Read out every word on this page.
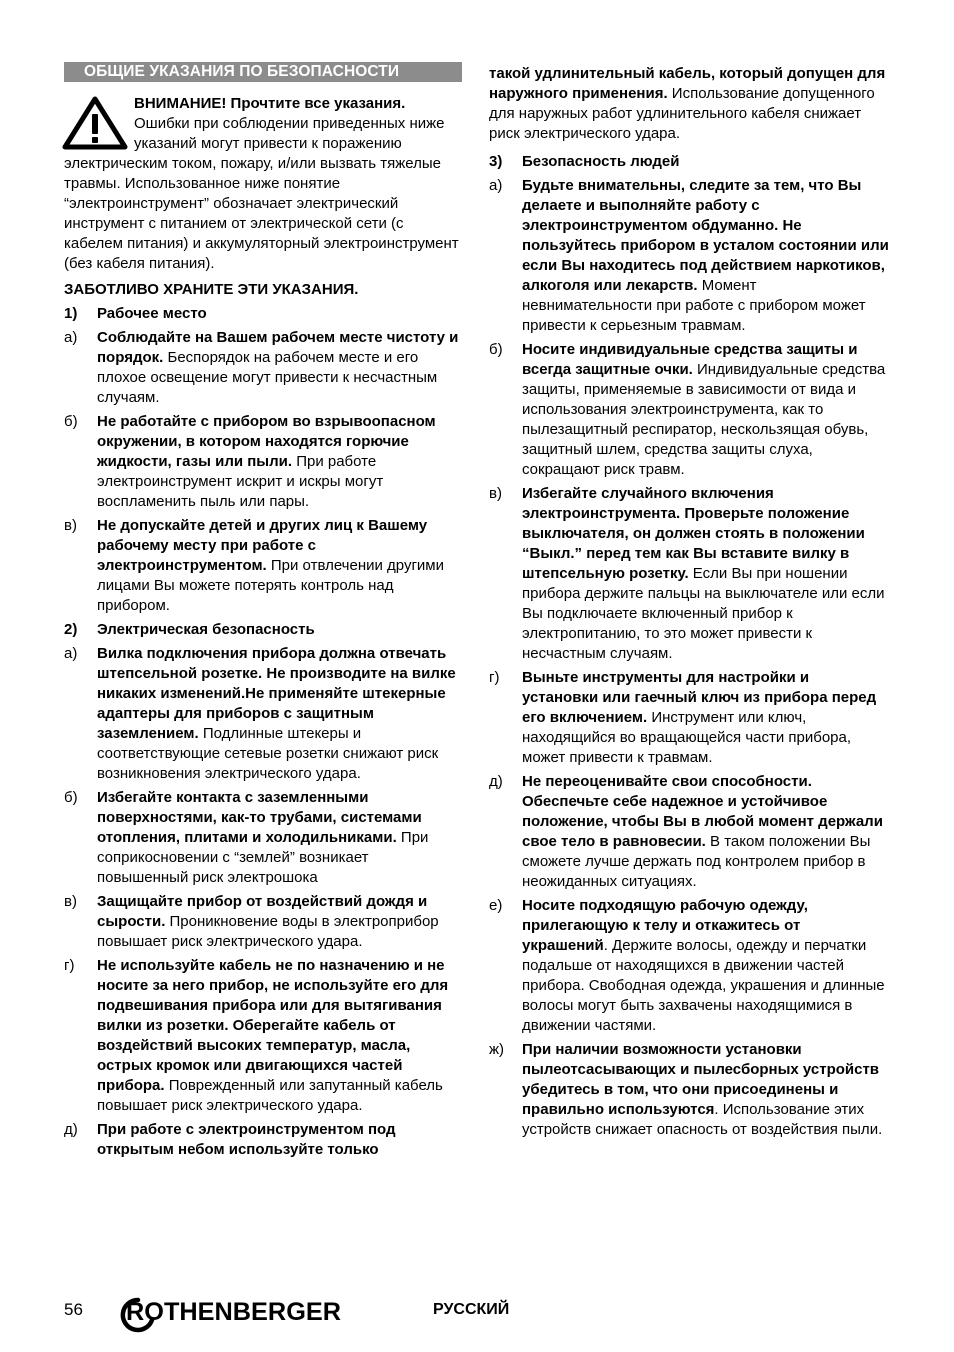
ОБЩИЕ УКАЗАНИЯ ПО БЕЗОПАСНОСТИ
ВНИМАНИЕ! Прочтите все указания. Ошибки при соблюдении приведенных ниже указаний могут привести к поражению электрическим током, пожару, и/или вызвать тяжелые травмы. Использованное ниже понятие “электроинструмент” обозначает электрический инструмент с питанием от электрической сети (с кабелем питания) и аккумуляторный электроинструмент (без кабеля питания).
ЗАБОТЛИВО ХРАНИТЕ ЭТИ УКАЗАНИЯ.
1)	Рабочее место
а)	Соблюдайте на Вашем рабочем месте чистоту и порядок. Беспорядок на рабочем месте и его плохое освещение могут привести к несчастным случаям.
б)	Не работайте с прибором во взрывоопасном окружении, в котором находятся горючие жидкости, газы или пыли. При работе электроинструмент искрит и искры могут воспламенить пыль или пары.
в)	Не допускайте детей и других лиц к Вашему рабочему месту при работе с электроинструментом. При отвлечении другими лицами Вы можете потерять контроль над прибором.
2)	Электрическая безопасность
а)	Вилка подключения прибора должна отвечать штепсельной розетке. Не производите на вилке никаких изменений.Не применяйте штекерные адаптеры для приборов с защитным заземлением. Подлинные штекеры и соответствующие сетевые розетки снижают риск возникновения электрического удара.
б)	Избегайте контакта с заземленными поверхностями, как-то трубами, системами отопления, плитами и холодильниками. При соприкосновении с “землей” возникает повышенный риск электрошока
в)	Защищайте прибор от воздействий дождя и сырости. Проникновение воды в электроприбор повышает риск электрического удара.
г)	Не используйте кабель не по назначению и не носите за него прибор, не используйте его для подвешивания прибора или для вытягивания вилки из розетки. Оберегайте кабель от воздействий высоких температур, масла, острых кромок или двигающихся частей прибора. Поврежденный или запутанный кабель повышает риск электрического удара.
д)	При работе с электроинструментом под открытым небом используйте только
такой удлинительный кабель, который допущен для наружного применения. Использование допущенного для наружных работ удлинительного кабеля снижает риск электрического удара.
3)	Безопасность людей
а)	Будьте внимательны, следите за тем, что Вы делаете и выполняйте работу с электроинструментом обдуманно. Не пользуйтесь прибором в усталом состоянии или если Вы находитесь под действием наркотиков, алкоголя или лекарств. Момент невнимательности при работе с прибором может привести к серьезным травмам.
б)	Носите индивидуальные средства защиты и всегда защитные очки. Индивидуальные средства защиты, применяемые в зависимости от вида и использования электроинструмента, как то пылезащитный респиратор, нескользящая обувь, защитный шлем, средства защиты слуха, сокращают риск травм.
в)	Избегайте случайного включения электроинструмента. Проверьте положение выключателя, он должен стоять в положении “Выкл.” перед тем как Вы вставите вилку в штепсельную розетку. Если Вы при ношении прибора держите пальцы на выключателе или если Вы подключаете включенный прибор к электропитанию, то это может привести к несчастным случаям.
г)	Выньте инструменты для настройки и установки или гаечный ключ из прибора перед его включением. Инструмент или ключ, находящийся во вращающейся части прибора, может привести к травмам.
д)	Не переоценивайте свои способности. Обеспечьте себе надежное и устойчивое положение, чтобы Вы в любой момент держали свое тело в равновесии. В таком положении Вы сможете лучше держать под контролем прибор в неожиданных ситуациях.
е)	Носите подходящую рабочую одежду, прилегающую к телу и откажитесь от украшений. Держите волосы, одежду и перчатки подальше от находящихся в движении частей прибора. Свободная одежда, украшения и длинные волосы могут быть захвачены находящимися в движении частями.
ж)	При наличии возможности установки пылеотсасывающих и пылесборных устройств убедитесь в том, что они присоединены и правильно используются. Использование этих устройств снижает опасность от воздействия пыли.
56 ROTHENBERGER	РУССКИЙ
